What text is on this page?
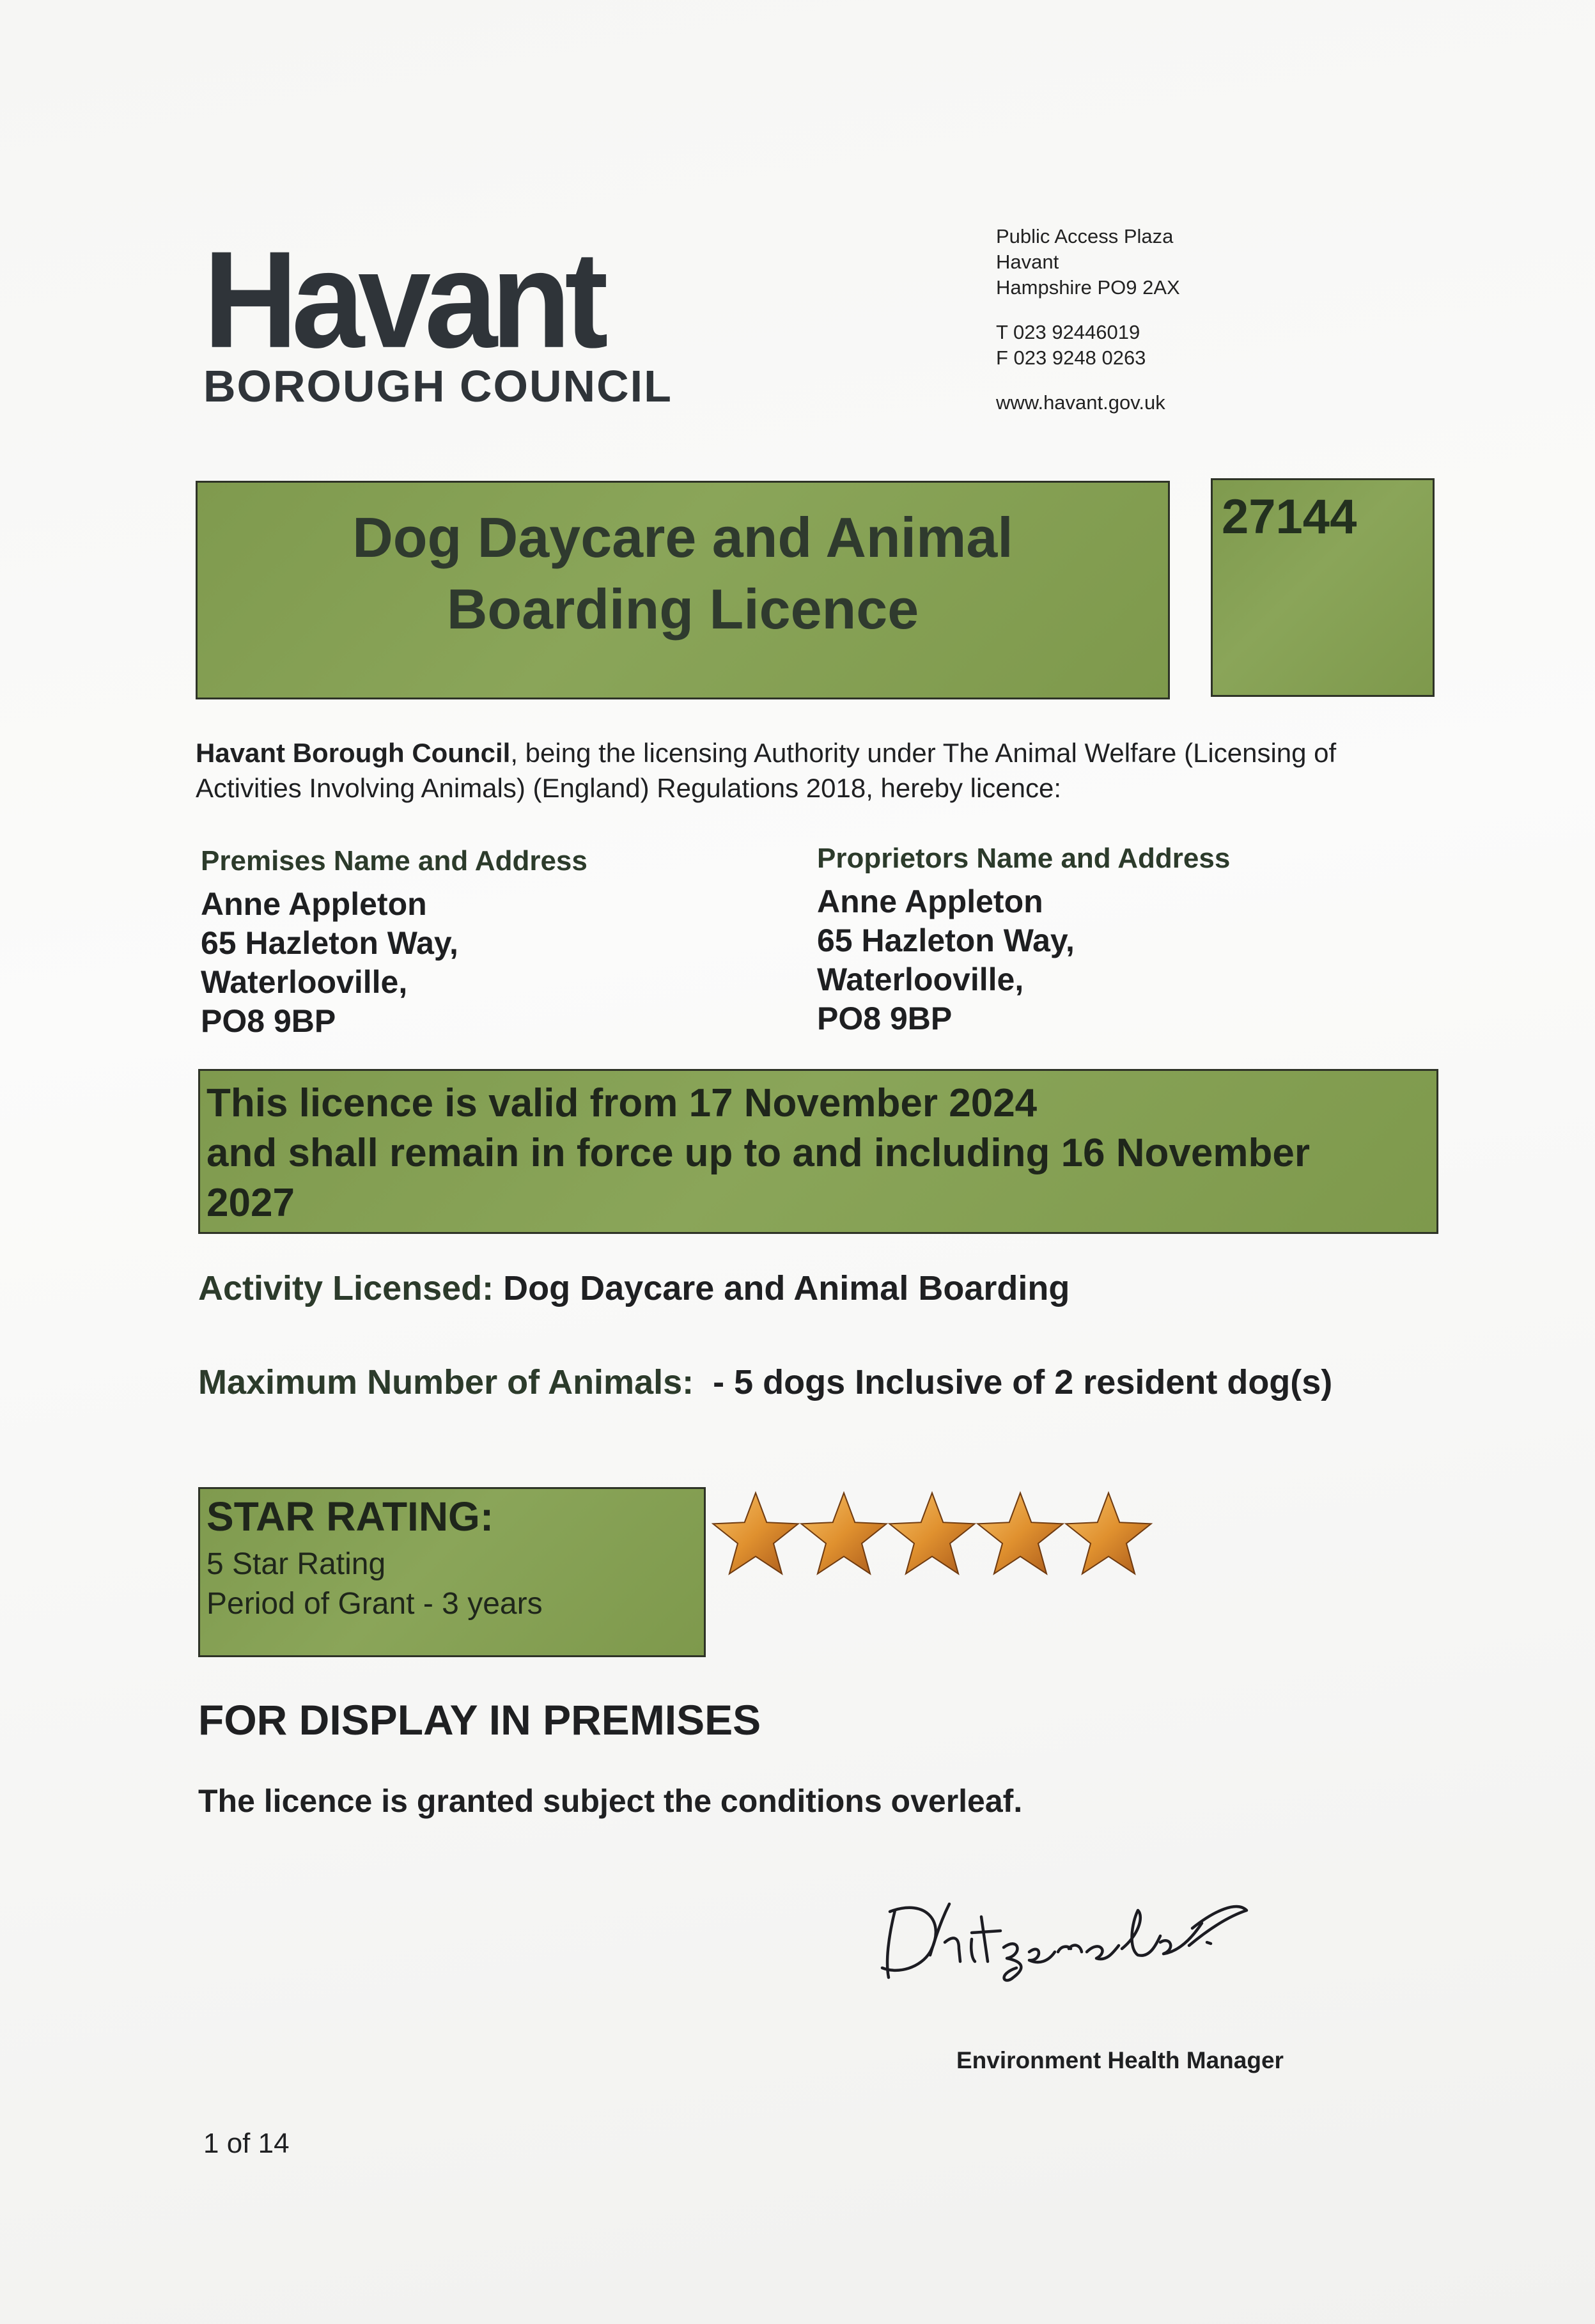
Havant
BOROUGH COUNCIL
Public Access Plaza
Havant
Hampshire PO9 2AX
T 023 92446019
F 023 9248 0263
www.havant.gov.uk
Dog Daycare and Animal
Boarding Licence
27144
Havant Borough Council, being the licensing Authority under The Animal Welfare (Licensing of Activities Involving Animals) (England) Regulations 2018, hereby licence:
Premises Name and Address
Anne Appleton
65 Hazleton Way,
Waterlooville,
PO8 9BP
Proprietors Name and Address
Anne Appleton
65 Hazleton Way,
Waterlooville,
PO8 9BP
This licence is valid from 17 November 2024
and shall remain in force up to and including 16 November
2027
Activity Licensed: Dog Daycare and Animal Boarding
Maximum Number of Animals: - 5 dogs Inclusive of 2 resident dog(s)
STAR RATING:
5 Star Rating
Period of Grant - 3 years
FOR DISPLAY IN PREMISES
The licence is granted subject the conditions overleaf.
Environment Health Manager
1 of 14
